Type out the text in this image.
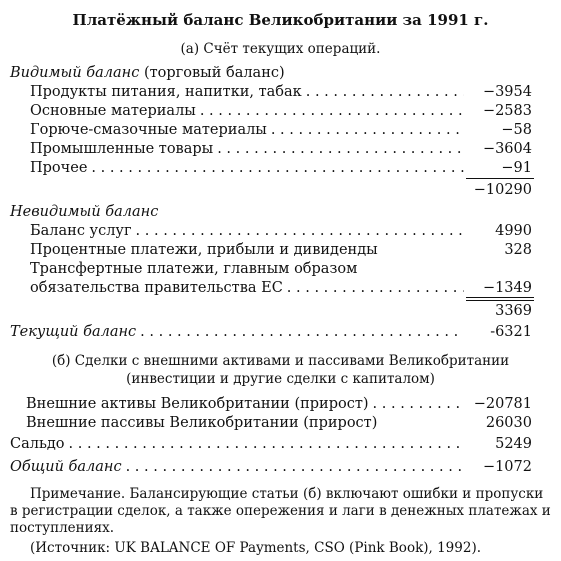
Платёжный баланс Великобритании за 1991 г.
(а) Счёт текущих операций.
Видимый баланс (торговый баланс)
Продукты питания, напитки, табак . . .	−3954
Основные материалы . . .	−2583
Горюче-смазочные материалы . . .	−58
Промышленные товары . . .	−3604
Прочее . . .	−91
−10290
Невидимый баланс
Баланс услуг . . .	4990
Процентные платежи, прибыли и дивиденды	328
Трансфертные платежи, главным образом
обязательства правительства ЕС . . .	−1349
3369
Текущий баланс . . .	-6321
(б) Сделки с внешними активами и пассивами Великобритании
(инвестиции и другие сделки с капиталом)
Внешние активы Великобритании (прирост) . . .	−20781
Внешние пассивы Великобритании (прирост)	26030
Сальдо . . .	5249
Общий баланс . . .	−1072
Примечание. Балансирующие статьи (б) включают ошибки и пропуски
в регистрации сделок, а также опережения и лаги в денежных платежах и
поступлениях.
(Источник: UK BALANCE OF Payments, CSO (Pink Book), 1992).
